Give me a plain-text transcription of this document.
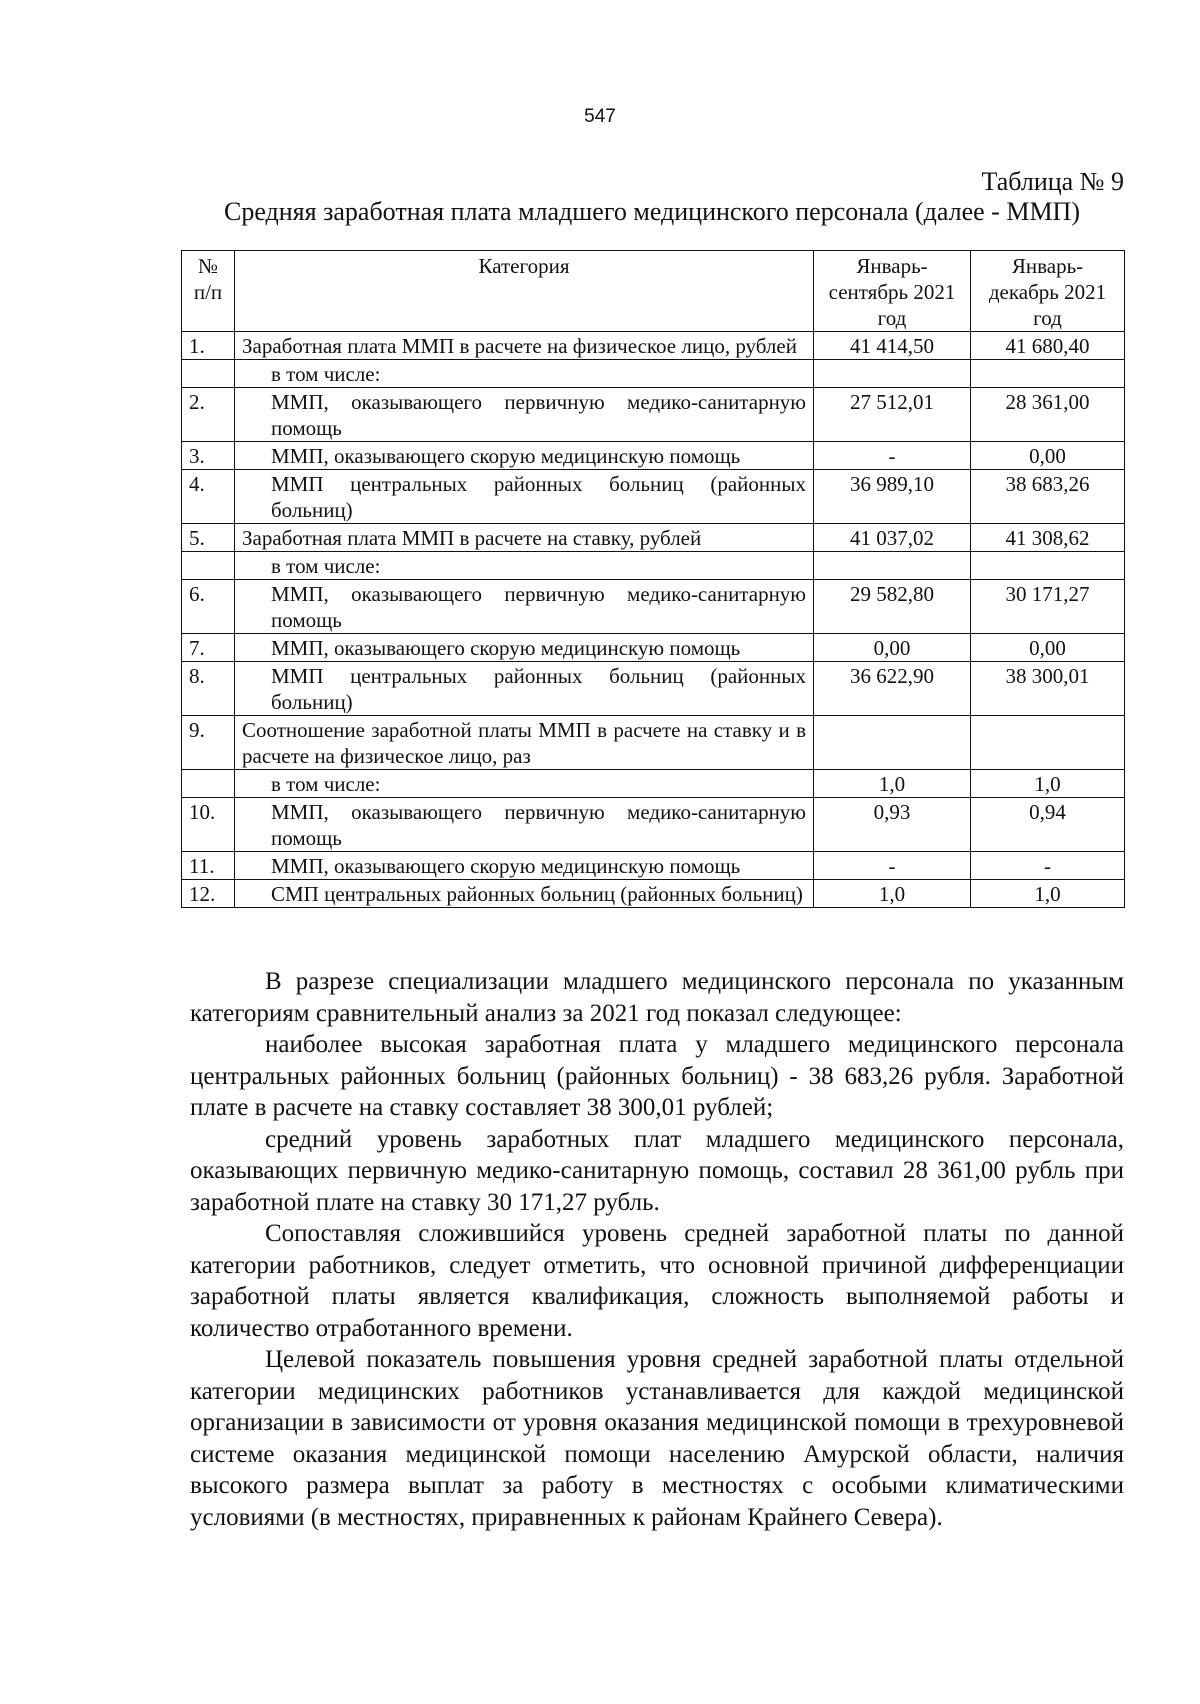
547
Таблица № 9
Средняя заработная плата младшего медицинского персонала (далее - ММП)
№ п/п	Категория	Январь-сентябрь 2021 год	Январь-декабрь 2021 год
1.	Заработная плата ММП в расчете на физическое лицо, рублей	41 414,50	41 680,40
	в том числе:		
2.	ММП, оказывающего первичную медико-санитарную помощь	27 512,01	28 361,00
3.	ММП, оказывающего скорую медицинскую помощь	-	0,00
4.	ММП центральных районных больниц (районных больниц)	36 989,10	38 683,26
5.	Заработная плата ММП в расчете на ставку, рублей	41 037,02	41 308,62
	в том числе:		
6.	ММП, оказывающего первичную медико-санитарную помощь	29 582,80	30 171,27
7.	ММП, оказывающего скорую медицинскую помощь	0,00	0,00
8.	ММП центральных районных больниц (районных больниц)	36 622,90	38 300,01
9.	Соотношение заработной платы ММП в расчете на ставку и в расчете на физическое лицо, раз		
	в том числе:	1,0	1,0
10.	ММП, оказывающего первичную медико-санитарную помощь	0,93	0,94
11.	ММП, оказывающего скорую медицинскую помощь	-	-
12.	СМП центральных районных больниц (районных больниц)	1,0	1,0

В разрезе специализации младшего медицинского персонала по указанным категориям сравнительный анализ за 2021 год показал следующее:

наиболее высокая заработная плата у младшего медицинского персонала центральных районных больниц (районных больниц) - 38 683,26 рубля. Заработной плате в расчете на ставку составляет 38 300,01 рублей;

средний уровень заработных плат младшего медицинского персонала, оказывающих первичную медико-санитарную помощь, составил 28 361,00 рубль при заработной плате на ставку 30 171,27 рубль.

Сопоставляя сложившийся уровень средней заработной платы по данной категории работников, следует отметить, что основной причиной дифференциации заработной платы является квалификация, сложность выполняемой работы и количество отработанного времени.

Целевой показатель повышения уровня средней заработной платы отдельной категории медицинских работников устанавливается для каждой медицинской организации в зависимости от уровня оказания медицинской помощи в трехуровневой системе оказания медицинской помощи населению Амурской области, наличия высокого размера выплат за работу в местностях с особыми климатическими условиями (в местностях, приравненных к районам Крайнего Севера).
